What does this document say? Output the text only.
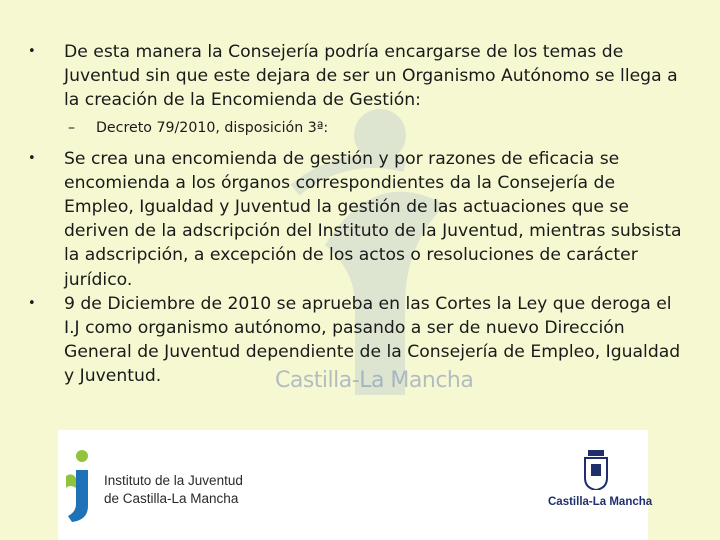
Castilla-La Mancha

•	De esta manera la Consejería podría encargarse de los temas de Juventud sin que este dejara de ser un Organismo Autónomo se llega a la creación de la Encomienda de Gestión:

– Decreto 79/2010, disposición 3ª:

•	Se crea una encomienda de gestión y por razones de eficacia se encomienda a los órganos correspondientes da la Consejería de Empleo, Igualdad y Juventud la gestión de las actuaciones que se deriven de la adscripción del Instituto de la Juventud, mientras subsista la adscripción, a excepción de los actos o resoluciones de carácter jurídico.

•	9 de Diciembre de 2010 se aprueba en las Cortes la Ley que deroga el I.J como organismo autónomo, pasando a ser de nuevo Dirección General de Juventud dependiente de la Consejería de Empleo, Igualdad y Juventud.

Instituto de la Juventud
de Castilla-La Mancha	Castilla-La Mancha
